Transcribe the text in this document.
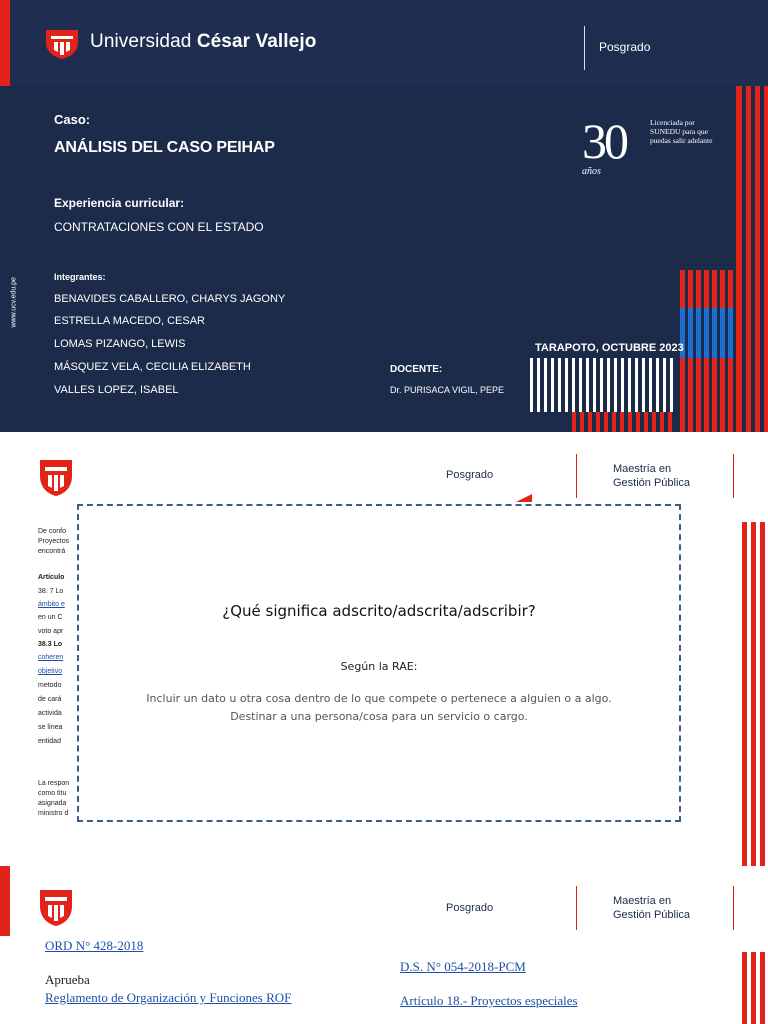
Universidad César Vallejo	Posgrado
Caso:
ANÁLISIS DEL CASO PEIHAP
Experiencia curricular:
CONTRATACIONES CON EL ESTADO
Integrantes:
BENAVIDES CABALLERO, CHARYS JAGONY
ESTRELLA MACEDO, CESAR
LOMAS PIZANGO, LEWIS
MÁSQUEZ VELA, CECILIA ELIZABETH
VALLES LOPEZ, ISABEL
DOCENTE:
Dr. PURISACA VIGIL, PEPE
www.ucv.edu.pe
30
años
Licenciada por SUNEDU para que puedas salir adelante
TARAPOTO, OCTUBRE 2023
Posgrado	Maestría en
Gestión Pública
De confo
Proyectos
encontrá
Artículo
38. 7 Lo
ámbito e
en un C
voto apr
38.3 Lo
coheren
objetivo
metodo
de cará
activida
se línea
entidad
La respon
como titu
asignada
ministro d
¿Qué significa adscrito/adscrita/adscribir?
Según la RAE:
Incluir un dato u otra cosa dentro de lo que compete o pertenece a alguien o a algo.
Destinar a una persona/cosa para un servicio o cargo.
Posgrado
Maestría en
Gestión Pública
ORD N° 428-2018
Aprueba
Reglamento de Organización y Funciones ROF
D.S. N° 054-2018-PCM
Artículo 18.- Proyectos especiales
